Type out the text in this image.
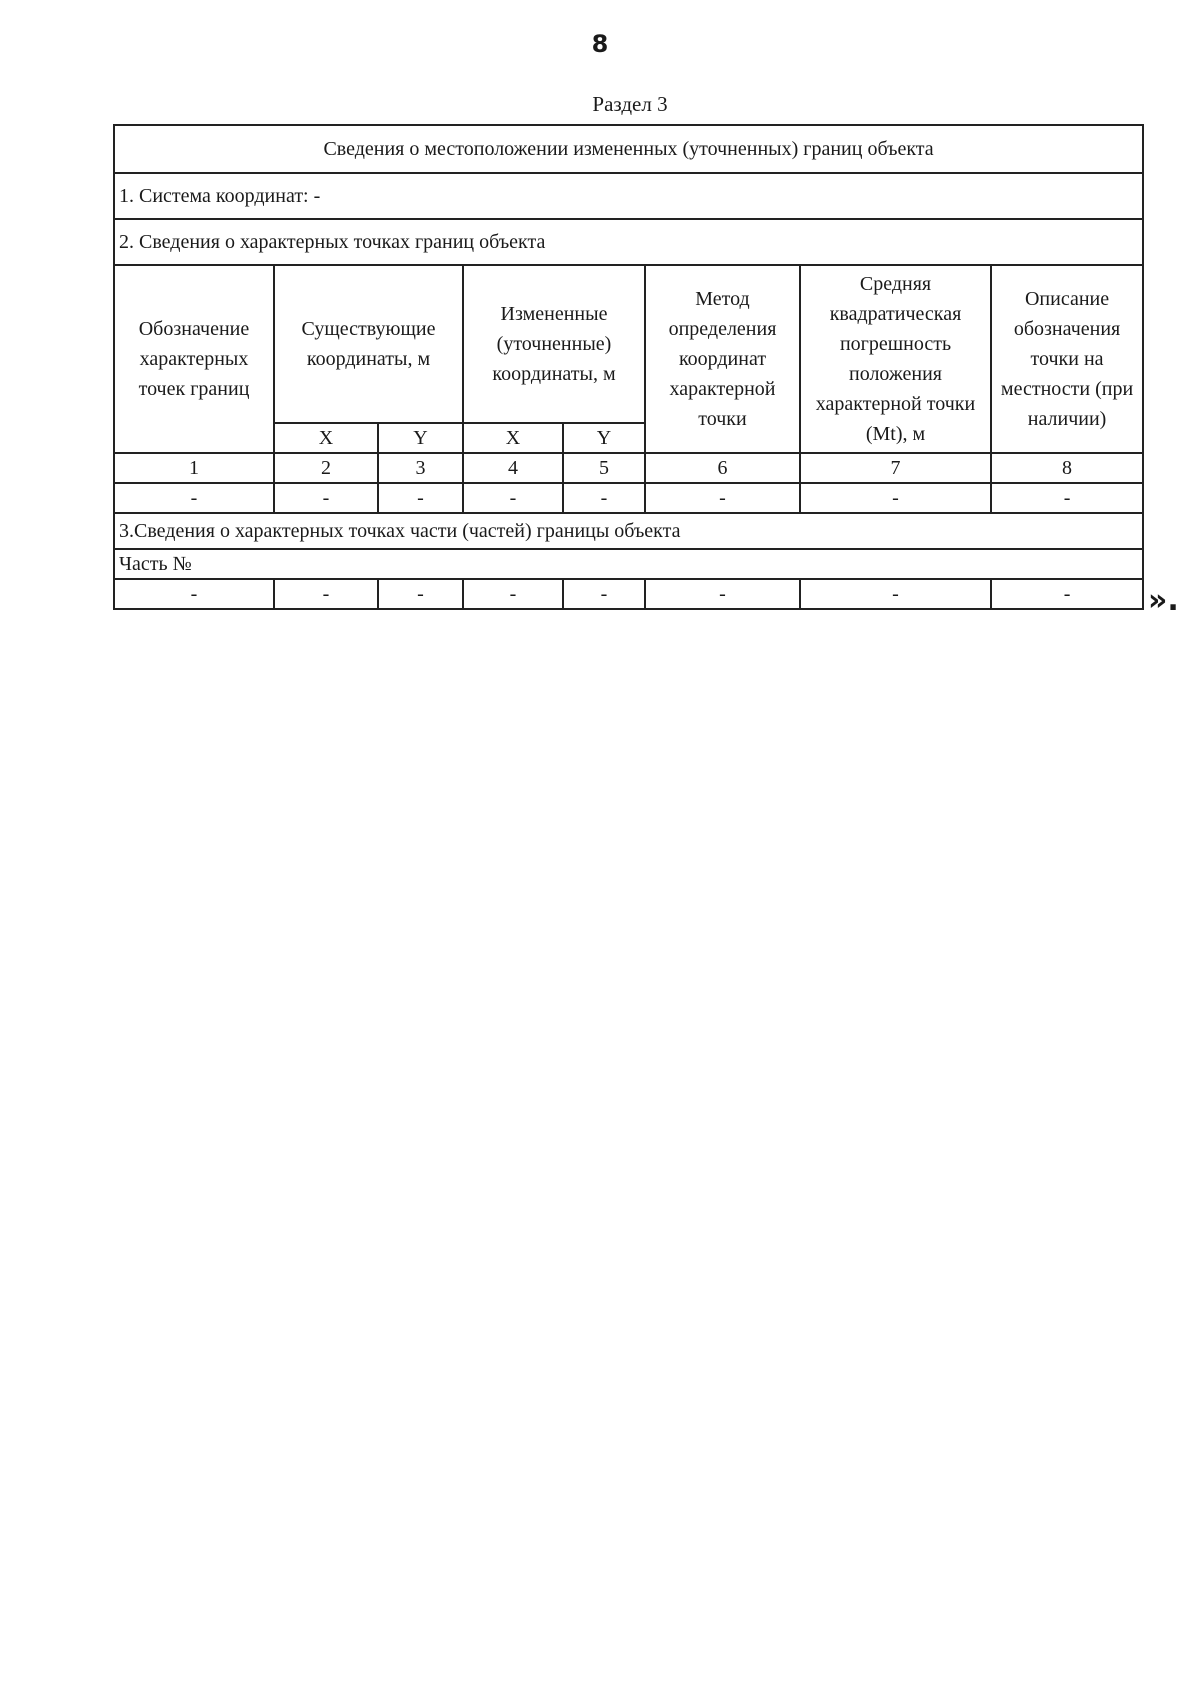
8
Раздел 3
Сведения о местоположении измененных (уточненных) границ объекта							
1. Система координат: -							
2. Сведения о характерных точках границ объекта							
Обозначение характерных точек границ	Существующие координаты, м		Измененные (уточненные) координаты, м		Метод определения координат характерной точки	Средняя квадратическая погрешность положения характерной точки (Mt), м	Описание обозначения точки на местности (при наличии)
	X	Y	X	Y			
1	2	3	4	5	6	7	8
-	-	-	-	-	-	-	-
3.Сведения о характерных точках части (частей) границы объекта							
Часть №							
-	-	-	-	-	-	-	-	».
